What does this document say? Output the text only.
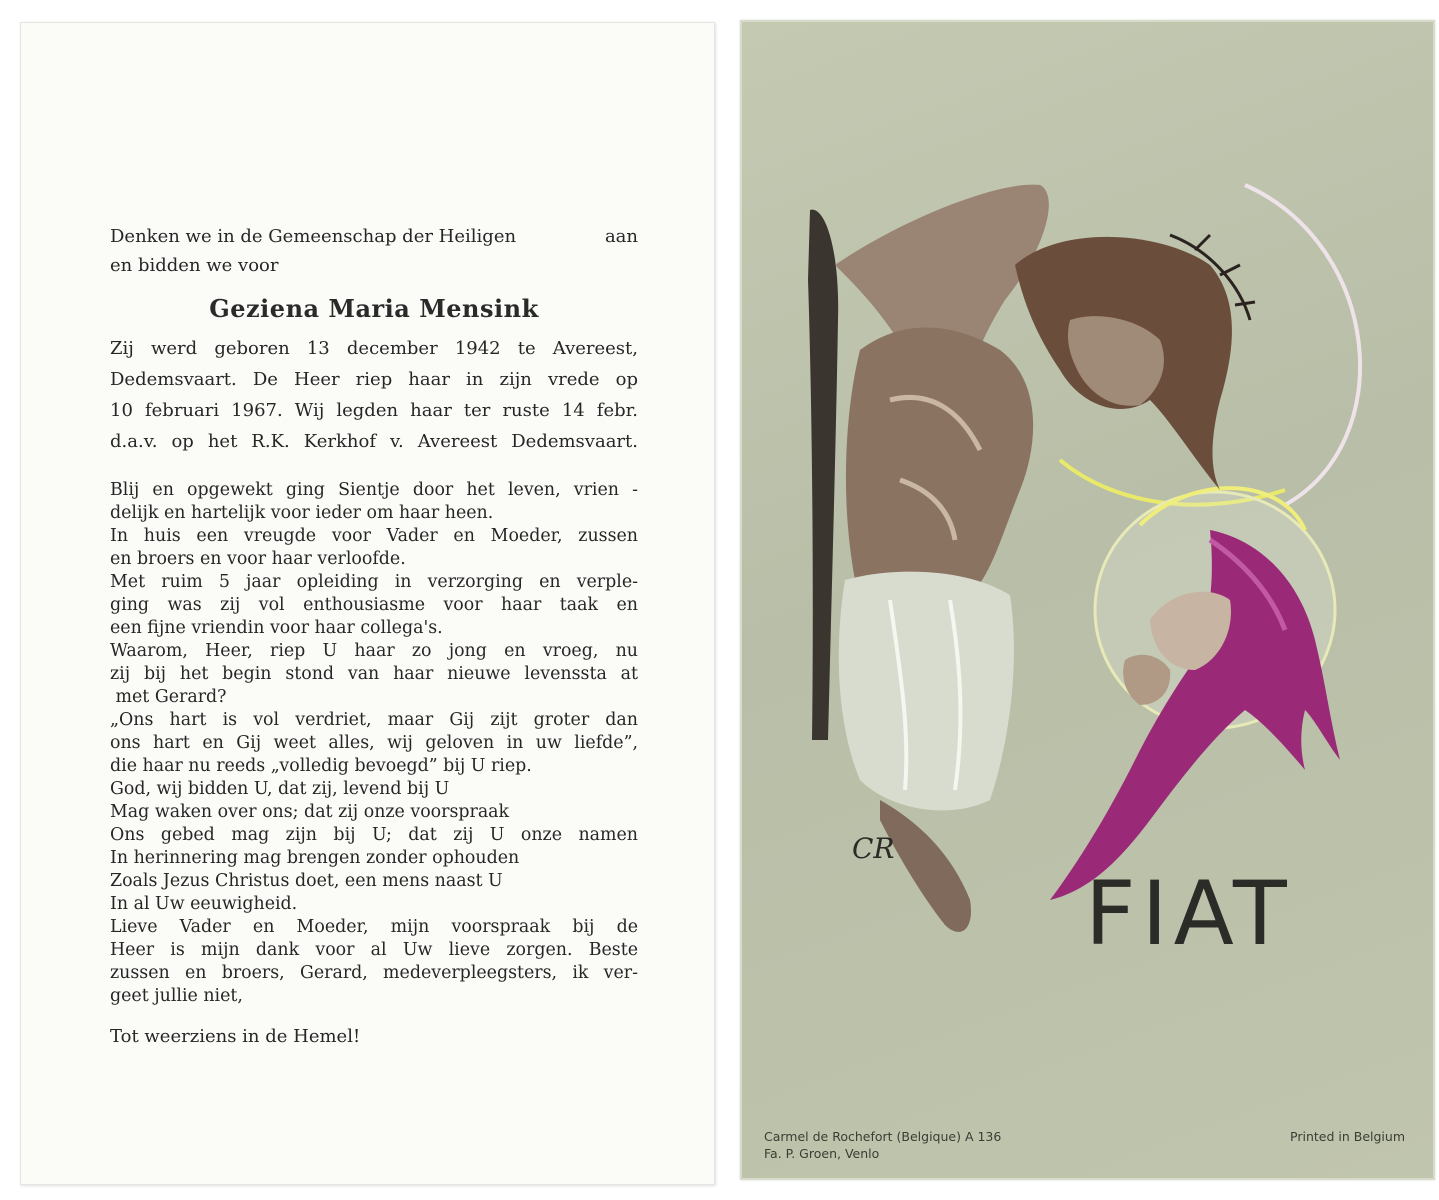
Denken we in de Gemeenschap der Heiligen	aan
en bidden we voor
Geziena Maria Mensink
Zij werd geboren 13 december 1942 te Avereest,
Dedemsvaart. De Heer riep haar in zijn vrede op
10 februari 1967. Wij legden haar ter ruste 14 febr.
d.a.v. op het R.K. Kerkhof v. Avereest Dedemsvaart.
Blij en opgewekt ging Sientje door het leven, vrien -
delijk en hartelijk voor ieder om haar heen.
In huis een vreugde voor Vader en Moeder, zussen
en broers en voor haar verloofde.
Met ruim 5 jaar opleiding in verzorging en verple-
ging was zij vol enthousiasme voor haar taak en
een fijne vriendin voor haar collega's.
Waarom, Heer, riep U haar zo jong en vroeg, nu
zij bij het begin stond van haar nieuwe levenssta at
met Gerard?
„Ons hart is vol verdriet, maar Gij zijt groter dan
ons hart en Gij weet alles, wij geloven in uw liefde”,
die haar nu reeds „volledig bevoegd” bij U riep.
God, wij bidden U, dat zij, levend bij U
Mag waken over ons; dat zij onze voorspraak
Ons gebed mag zijn bij U; dat zij U onze namen
In herinnering mag brengen zonder ophouden
Zoals Jezus Christus doet, een mens naast U
In al Uw eeuwigheid.
Lieve Vader en Moeder, mijn voorspraak bij de
Heer is mijn dank voor al Uw lieve zorgen. Beste
zussen en broers, Gerard, medeverpleegsters, ik ver-
geet jullie niet,
Tot weerziens in de Hemel!
CR
FIAT
Carmel de Rochefort (Belgique) A 136
Fa. P. Groen, Venlo
Printed in Belgium
